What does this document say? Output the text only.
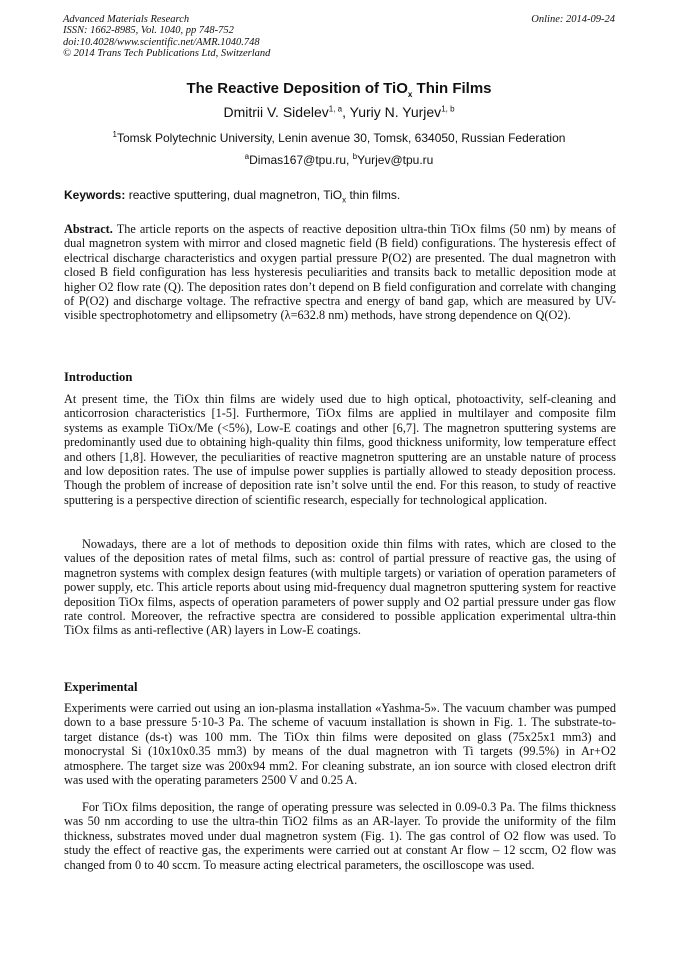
Advanced Materials Research
ISSN: 1662-8985, Vol. 1040, pp 748-752
doi:10.4028/www.scientific.net/AMR.1040.748
© 2014 Trans Tech Publications Ltd, Switzerland
Online: 2014-09-24
The Reactive Deposition of TiO$_x$ Thin Films
Dmitrii V. Sidelev$^{1, a}$, Yuriy N. Yurjev$^{1, b}$
$^1$Tomsk Polytechnic University, Lenin avenue 30, Tomsk, 634050, Russian Federation
$^a$Dimas167@tpu.ru, $^b$Yurjev@tpu.ru
Keywords: reactive sputtering, dual magnetron, TiO$_x$ thin films.
Abstract. The article reports on the aspects of reactive deposition ultra-thin TiOx films (50 nm) by means of dual magnetron system with mirror and closed magnetic field (B field) configurations. The hysteresis effect of electrical discharge characteristics and oxygen partial pressure P(O2) are presented. The dual magnetron with closed B field configuration has less hysteresis peculiarities and transits back to metallic deposition mode at higher O2 flow rate (Q). The deposition rates don’t depend on B field configuration and correlate with changing of P(O2) and discharge voltage. The refractive spectra and energy of band gap, which are measured by UV-visible spectrophotometry and ellipsometry (λ=632.8 nm) methods, have strong dependence on Q(O2).
Introduction
At present time, the TiOx thin films are widely used due to high optical, photoactivity, self-cleaning and anticorrosion characteristics [1-5]. Furthermore, TiOx films are applied in multilayer and composite film systems as example TiOx/Me (<5%), Low-E coatings and other [6,7]. The magnetron sputtering systems are predominantly used due to obtaining high-quality thin films, good thickness uniformity, low temperature effect and others [1,8]. However, the peculiarities of reactive magnetron sputtering are an unstable nature of process and low deposition rates. The use of impulse power supplies is partially allowed to steady deposition process. Though the problem of increase of deposition rate isn’t solve until the end. For this reason, to study of reactive sputtering is a perspective direction of scientific research, especially for technological application.
Nowadays, there are a lot of methods to deposition oxide thin films with rates, which are closed to the values of the deposition rates of metal films, such as: control of partial pressure of reactive gas, the using of magnetron systems with complex design features (with multiple targets) or variation of operation parameters of power supply, etc. This article reports about using mid-frequency dual magnetron sputtering system for reactive deposition TiOx films, aspects of operation parameters of power supply and O2 partial pressure under gas flow rate control. Moreover, the refractive spectra are considered to possible application experimental ultra-thin TiOx films as anti-reflective (AR) layers in Low-E coatings.
Experimental
Experiments were carried out using an ion-plasma installation «Yashma-5». The vacuum chamber was pumped down to a base pressure 5·10-3 Pa. The scheme of vacuum installation is shown in Fig. 1. The substrate-to-target distance (ds-t) was 100 mm. The TiOx thin films were deposited on glass (75x25x1 mm3) and monocrystal Si (10x10x0.35 mm3) by means of the dual magnetron with Ti targets (99.5%) in Ar+O2 atmosphere. The target size was 200x94 mm2. For cleaning substrate, an ion source with closed electron drift was used with the operating parameters 2500 V and 0.25 A.
For TiOx films deposition, the range of operating pressure was selected in 0.09-0.3 Pa. The films thickness was 50 nm according to use the ultra-thin TiO2 films as an AR-layer. To provide the uniformity of the film thickness, substrates moved under dual magnetron system (Fig. 1). The gas control of O2 flow was used. To study the effect of reactive gas, the experiments were carried out at constant Ar flow – 12 sccm, O2 flow was changed from 0 to 40 sccm. To measure acting electrical parameters, the oscilloscope was used.
